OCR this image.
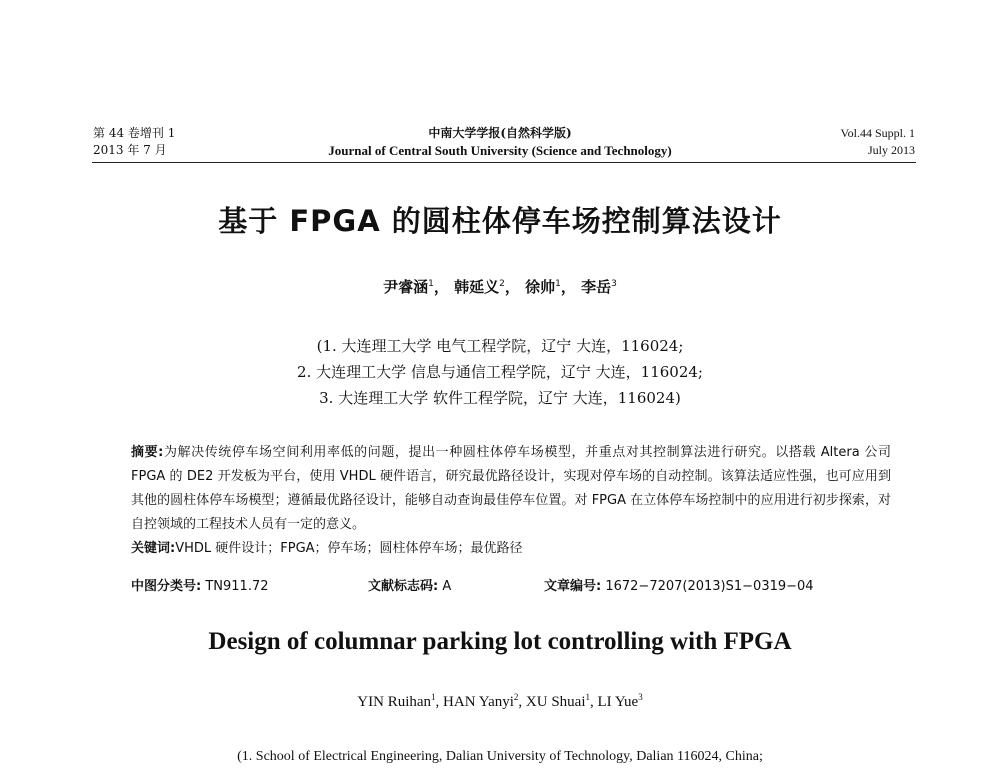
第 44 卷增刊 1
2013 年 7 月
中南大学学报(自然科学版)
Journal of Central South University (Science and Technology)
Vol.44 Suppl. 1
July 2013
基于 FPGA 的圆柱体停车场控制算法设计
尹睿涵$^1$， 韩延义$^2$， 徐帅$^1$， 李岳$^3$
(1. 大连理工大学 电气工程学院，辽宁 大连，116024;
2. 大连理工大学 信息与通信工程学院，辽宁 大连，116024;
3. 大连理工大学 软件工程学院，辽宁 大连，116024)
摘要:为解决传统停车场空间利用率低的问题，提出一种圆柱体停车场模型，并重点对其控制算法进行研究。以搭载 Altera 公司 FPGA 的 DE2 开发板为平台，使用 VHDL 硬件语言，研究最优路径设计，实现对停车场的自动控制。该算法适应性强，也可应用到其他的圆柱体停车场模型；遵循最优路径设计，能够自动查询最佳停车位置。对 FPGA 在立体停车场控制中的应用进行初步探索，对自控领域的工程技术人员有一定的意义。
关键词:VHDL 硬件设计；FPGA；停车场；圆柱体停车场；最优路径
中图分类号: TN911.72	文献标志码: A	文章编号: 1672−7207(2013)S1−0319−04
Design of columnar parking lot controlling with FPGA
YIN Ruihan$^1$, HAN Yanyi$^2$, XU Shuai$^1$, LI Yue$^3$
(1. School of Electrical Engineering, Dalian University of Technology, Dalian 116024, China;
